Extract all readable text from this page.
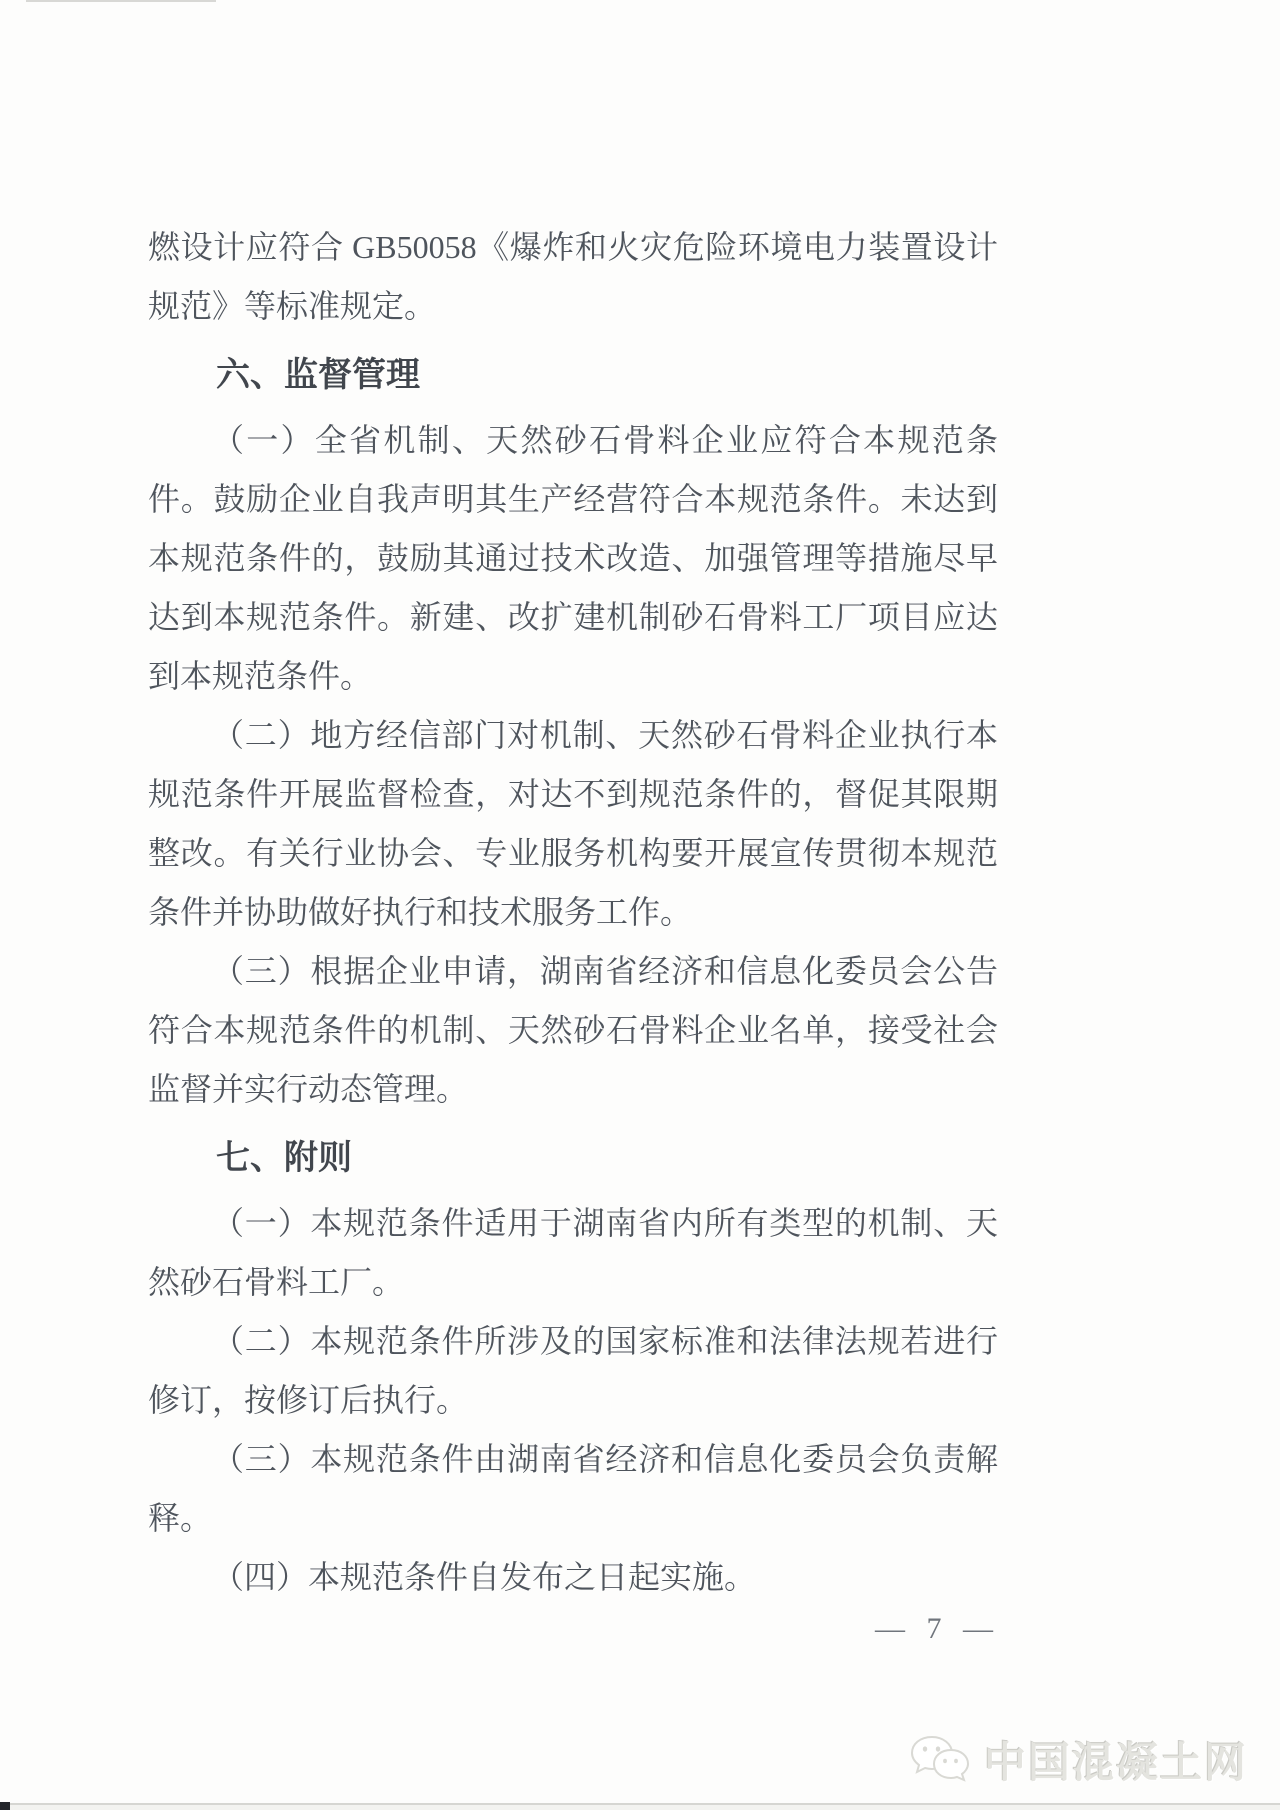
燃设计应符合 GB50058《爆炸和火灾危险环境电力装置设计规范》等标准规定。

六、监督管理

（一）全省机制、天然砂石骨料企业应符合本规范条件。鼓励企业自我声明其生产经营符合本规范条件。未达到本规范条件的，鼓励其通过技术改造、加强管理等措施尽早达到本规范条件。新建、改扩建机制砂石骨料工厂项目应达到本规范条件。

（二）地方经信部门对机制、天然砂石骨料企业执行本规范条件开展监督检查，对达不到规范条件的，督促其限期整改。有关行业协会、专业服务机构要开展宣传贯彻本规范条件并协助做好执行和技术服务工作。

（三）根据企业申请，湖南省经济和信息化委员会公告符合本规范条件的机制、天然砂石骨料企业名单，接受社会监督并实行动态管理。

七、附则

（一）本规范条件适用于湖南省内所有类型的机制、天然砂石骨料工厂。

（二）本规范条件所涉及的国家标准和法律法规若进行修订，按修订后执行。

（三）本规范条件由湖南省经济和信息化委员会负责解释。

（四）本规范条件自发布之日起实施。

— 7 —
中国混凝土网
